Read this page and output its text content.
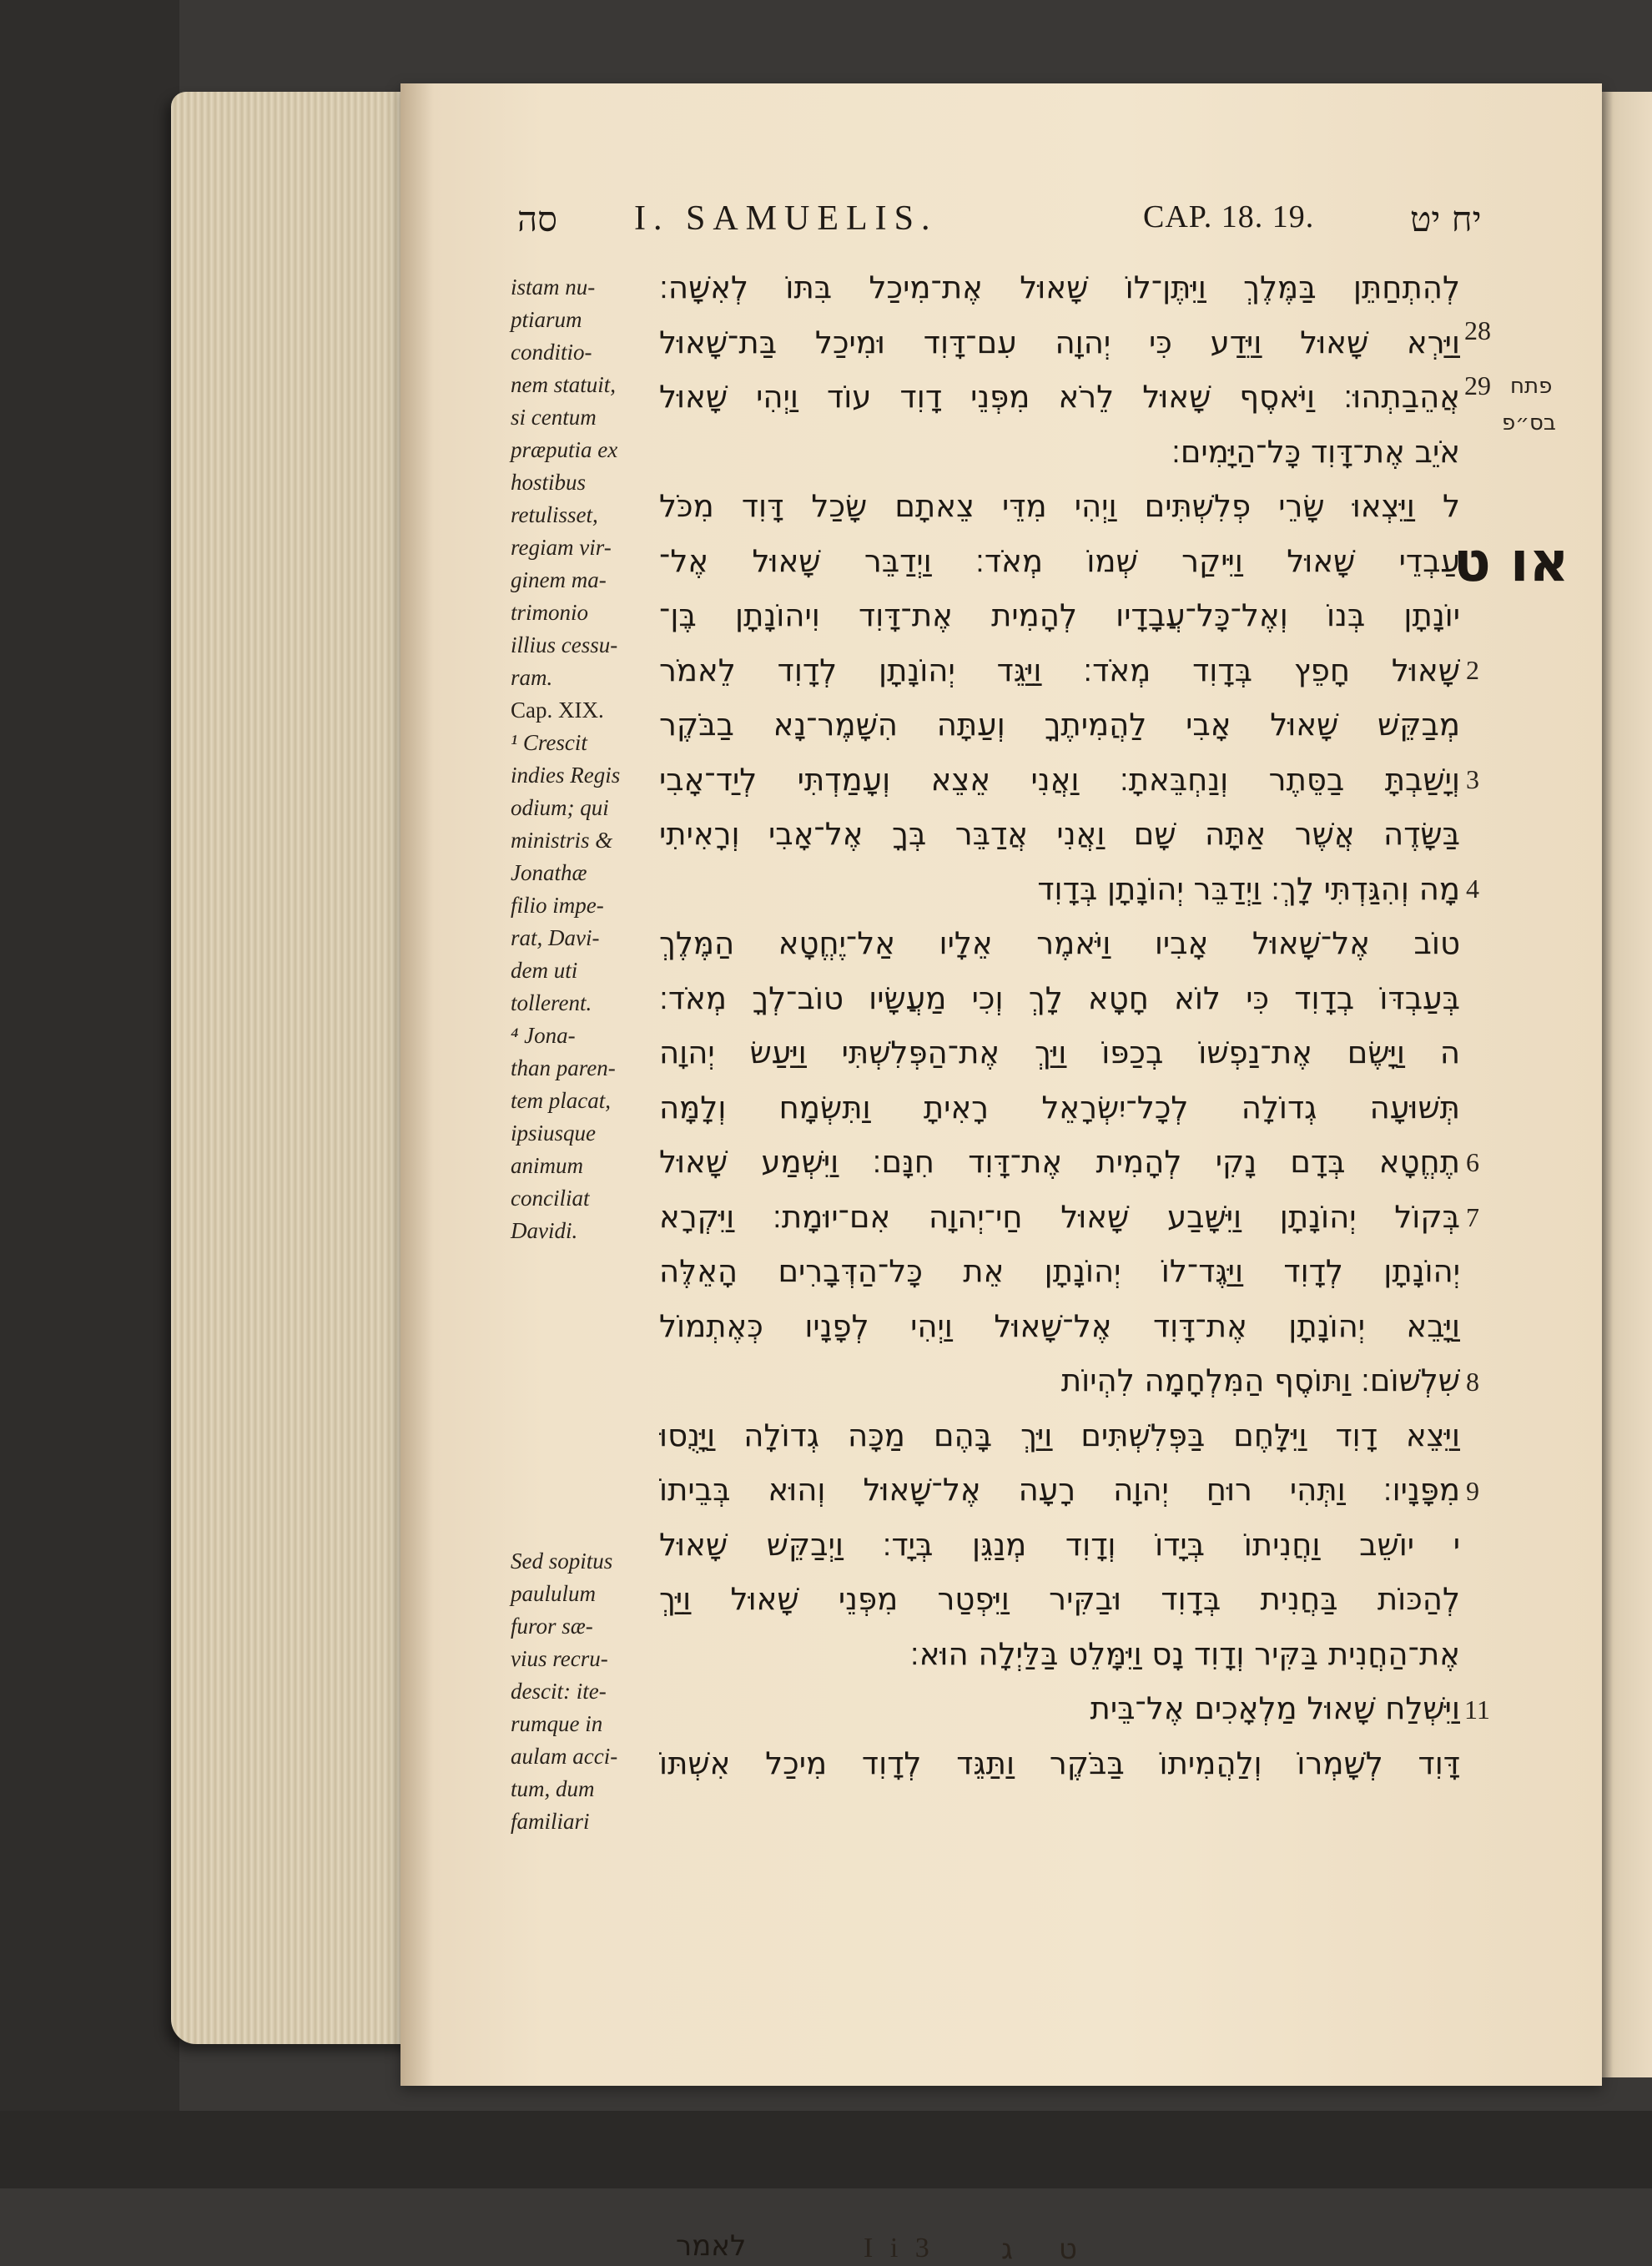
סה I. SAMUELIS.	CAP. 18. 19.	יח יט
istam nu-
ptiarum
conditio-
nem statuit,
si centum
præputia ex
hostibus
retulisset,
regiam vir-
ginem ma-
trimonio
illius cessu-
ram.
Cap. XIX.
¹ Crescit
indies Regis
odium; qui
ministris &
Jonathæ
filio impe-
rat, Davi-
dem uti
tollerent.
⁴ Jona-
than paren-
tem placat,
ipsiusque
animum
conciliat
Davidi.
Sed sopitus
paululum
furor sæ-
vius recru-
descit: ite-
rumque in
aulam acci-
tum, dum
familiari
לְהִתְחַתֵּן בַּמֶּלֶךְ וַיִּתֶּן־לוֹ שָׁאוּל אֶת־מִיכַל בִּתּוֹ לְאִשָּׁה׃
וַיַּרְא שָׁאוּל וַיֵּדַע כִּי יְהוָה עִם־דָּוִד וּמִיכַל בַּת־שָׁאוּל
אֲהֵבַתְהוּ׃ וַיֹּאסֶף שָׁאוּל לֵרֹא מִפְּנֵי דָוִד עוֹד וַיְהִי שָׁאוּל
אֹיֵב אֶת־דָּוִד כָּל־הַיָּמִים׃
ל וַיֵּצְאוּ שָׂרֵי פְלִשְׁתִּים וַיְהִי מִדֵּי צֵאתָם שָׂכַל דָּוִד מִכֹּל
עַבְדֵי שָׁאוּל וַיִּיקַר שְׁמוֹ מְאֹד׃ וַיְדַבֵּר שָׁאוּל אֶל־
יוֹנָתָן בְּנוֹ וְאֶל־כָּל־עֲבָדָיו לְהָמִית אֶת־דָּוִד וִיהוֹנָתָן בֶּן־
שָׁאוּל חָפֵץ בְּדָוִד מְאֹד׃ וַיַּגֵּד יְהוֹנָתָן לְדָוִד לֵאמֹר
מְבַקֵּשׁ שָׁאוּל אָבִי לַהֲמִיתֶךָ וְעַתָּה הִשָּׁמֶר־נָא בַבֹּקֶר
וְיָשַׁבְתָּ בַסֵּתֶר וְנַחְבֵּאתָ׃ וַאֲנִי אֵצֵא וְעָמַדְתִּי לְיַד־אָבִי
בַּשָּׂדֶה אֲשֶׁר אַתָּה שָׁם וַאֲנִי אֲדַבֵּר בְּךָ אֶל־אָבִי וְרָאִיתִי
מָה וְהִגַּדְתִּי לָךְ׃ וַיְדַבֵּר יְהוֹנָתָן בְּדָוִד
טוֹב אֶל־שָׁאוּל אָבִיו וַיֹּאמֶר אֵלָיו אַל־יֶחֱטָא הַמֶּלֶךְ
בְּעַבְדּוֹ בְדָוִד כִּי לוֹא חָטָא לָךְ וְכִי מַעֲשָׂיו טוֹב־לְךָ מְאֹד׃
ה וַיָּשֶׂם אֶת־נַפְשׁוֹ בְכַפּוֹ וַיַּךְ אֶת־הַפְּלִשְׁתִּי וַיַּעַשׂ יְהוָה
תְּשׁוּעָה גְדוֹלָה לְכָל־יִשְׂרָאֵל רָאִיתָ וַתִּשְׂמָח וְלָמָּה
תֶחֱטָא בְּדָם נָקִי לְהָמִית אֶת־דָּוִד חִנָּם׃ וַיִּשְׁמַע שָׁאוּל
בְּקוֹל יְהוֹנָתָן וַיִּשָּׁבַע שָׁאוּל חַי־יְהוָה אִם־יוּמָת׃ וַיִּקְרָא
יְהוֹנָתָן לְדָוִד וַיַּגֶּד־לוֹ יְהוֹנָתָן אֵת כָּל־הַדְּבָרִים הָאֵלֶּה
וַיָּבֵא יְהוֹנָתָן אֶת־דָּוִד אֶל־שָׁאוּל וַיְהִי לְפָנָיו כְּאֶתְמוֹל
שִׁלְשׁוֹם׃ וַתּוֹסֶף הַמִּלְחָמָה לִהְיוֹת
וַיֵּצֵא דָוִד וַיִּלָּחֶם בַּפְּלִשְׁתִּים וַיַּךְ בָּהֶם מַכָּה גְדוֹלָה וַיָּנֻסוּ
מִפָּנָיו׃ וַתְּהִי רוּחַ יְהוָה רָעָה אֶל־שָׁאוּל וְהוּא בְּבֵיתוֹ
י יוֹשֵׁב וַחֲנִיתוֹ בְּיָדוֹ וְדָוִד מְנַגֵּן בְּיָד׃ וַיְבַקֵּשׁ שָׁאוּל
לְהַכּוֹת בַּחֲנִית בְּדָוִד וּבַקִּיר וַיִּפְטַר מִפְּנֵי שָׁאוּל וַיַּךְ
אֶת־הַחֲנִית בַּקִּיר וְדָוִד נָס וַיִּמָּלֵט בַּלַּיְלָה הוּא׃
וַיִּשְׁלַח שָׁאוּל מַלְאָכִים אֶל־בֵּית
דָּוִד לְשָׁמְרוֹ וְלַהֲמִיתוֹ בַּבֹּקֶר וַתַּגֵּד לְדָוִד מִיכַל אִשְׁתּוֹ
או ט
28
29
2
3
4
6
7
8
9
11
פתח
בס״פ
לאמר	I i 3 ט ג
